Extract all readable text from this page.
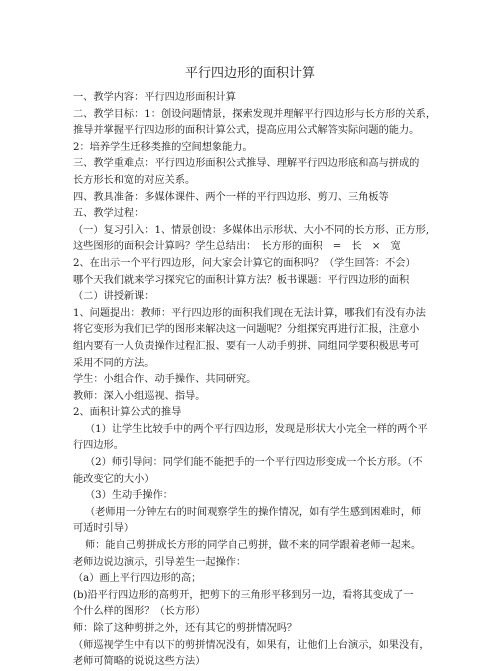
平行四边形的面积计算
一、教学内容：平行四边形面积计算
二、教学目标：1：创设问题情景，探索发现并理解平行四边形与长方形的关系，
推导并掌握平行四边形的面积计算公式，提高应用公式解答实际问题的能力。
2：培养学生迁移类推的空间想象能力。
三、教学重难点：平行四边形面积公式推导、理解平行四边形底和高与拼成的
长方形长和宽的对应关系。
四、教具准备：多媒体课件、两个一样的平行四边形、剪刀、三角板等
五、教学过程：
（一）复习引入：1、情景创设：多媒体出示形状、大小不同的长方形、正方形,
这些图形的面积会计算吗？学生总结出：　长方形的面积　=　长　×　宽
2、在出示一个平行四边形，问大家会计算它的面积吗？（学生回答：不会）
哪个天我们就来学习探究它的面积计算方法？板书课题：平行四边形的面积
（二）讲授新课：
1、问题提出：教师：平行四边形的面积我们现在无法计算，哪我们有没有办法
将它变形为我们已学的图形来解决这一问题呢？分组探究再进行汇报，注意小
组内要有一人负责操作过程汇报、要有一人动手剪拼、同组同学要积极思考可
采用不同的方法。
学生：小组合作、动手操作、共同研究。
教师：深入小组巡视、指导。
2、面积计算公式的推导
（1）让学生比较手中的两个平行四边形，发现是形状大小完全一样的两个平
行四边形。
（2）师引导问：同学们能不能把手的一个平行四边形变成一个长方形。（不
能改变它的大小）
（3）生动手操作：
（老师用一分钟左右的时间观察学生的操作情况，如有学生感到困难时，师
可适时引导）
师：能自己剪拼成长方形的同学自己剪拼，做不来的同学跟着老师一起来。
老师边说边演示，引导差生一起操作：
（a）画上平行四边形的高；
(b)沿平行四边形的高剪开，把剪下的三角形平移到另一边，看将其变成了一
个什么样的图形？（长方形）
师：除了这种剪拼之外，还有其它的剪拼情况吗？
（师巡视学生中有以下的剪拼情况没有，如果有，让他们上台演示，如果没有，
老师可简略的说说这些方法）
